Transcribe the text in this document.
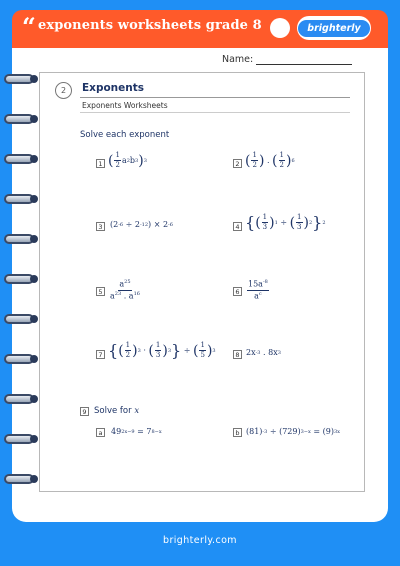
“ exponents worksheets grade 8	brighterly
Name:
2	Exponents
Exponents Worksheets
Solve each exponent
1 ( $\frac{1}{2}$ a 2 b 3 ) 3	2 ( $\frac{1}{2}$ ) . ( $\frac{1}{2}$ ) 6
3 (2 -6 ÷ 2 -12 ) × 2 -6	4 { ( $\frac{1}{3}$ ) 1 ÷ ( $\frac{1}{3}$ ) 2 } 2
$5 \frac{a^{25}}{a^{23} . a^{16}}$	$6 \frac{15a^{-8}}{a^c}$
7 { ( $\frac{1}{2}$ ) 3 · ( $\frac{1}{3}$ ) 3 } ÷ ( $\frac{1}{5}$ ) 3	8 2x -3 . 8x 3
9 Solve for x
a	49 2x−9 = 7 8−x	b (81) -3 ÷ (729) 3−x = (9) 3x
brighterly.com
